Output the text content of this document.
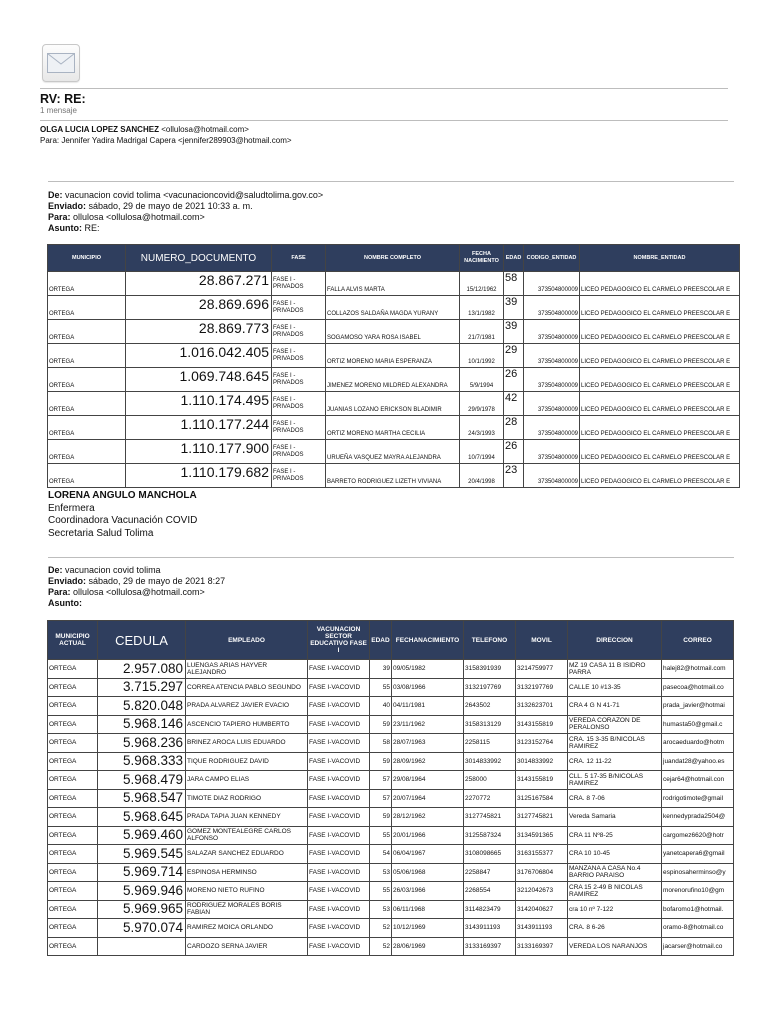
RV: RE:
1 mensaje
OLGA LUCIA LOPEZ SANCHEZ <ollulosa@hotmail.com>
Para: Jennifer Yadira Madrigal Capera <jennifer289903@hotmail.com>
De: vacunacion covid tolima <vacunacioncovid@saludtolima.gov.co>
Enviado: sábado, 29 de mayo de 2021 10:33 a. m.
Para: ollulosa <ollulosa@hotmail.com>
Asunto: RE:
MUNICIPIO	NUMERO_DOCUMENTO	FASE	NOMBRE COMPLETO	FECHA NACIMIENTO	EDAD	CODIGO_ENTIDAD	NOMBRE_ENTIDAD
ORTEGA	28.867.271	FASE I - PRIVADOS	FALLA ALVIS MARTA	15/12/1962	58	373504800009	LICEO PEDAGOGICO EL CARMELO PREESCOLAR E
ORTEGA	28.869.696	FASE I - PRIVADOS	COLLAZOS SALDAÑA MAGDA YURANY	13/1/1982	39	373504800009	LICEO PEDAGOGICO EL CARMELO PREESCOLAR E
ORTEGA	28.869.773	FASE I - PRIVADOS	SOGAMOSO YARA ROSA ISABEL	21/7/1981	39	373504800009	LICEO PEDAGOGICO EL CARMELO PREESCOLAR E
ORTEGA	1.016.042.405	FASE I - PRIVADOS	ORTIZ MORENO MARIA ESPERANZA	10/1/1992	29	373504800009	LICEO PEDAGOGICO EL CARMELO PREESCOLAR E
ORTEGA	1.069.748.645	FASE I - PRIVADOS	JIMENEZ MORENO MILDRED ALEXANDRA	5/9/1994	26	373504800009	LICEO PEDAGOGICO EL CARMELO PREESCOLAR E
ORTEGA	1.110.174.495	FASE I - PRIVADOS	JUANIAS LOZANO ERICKSON BLADIMIR	29/9/1978	42	373504800009	LICEO PEDAGOGICO EL CARMELO PREESCOLAR E
ORTEGA	1.110.177.244	FASE I - PRIVADOS	ORTIZ MORENO MARTHA CECILIA	24/3/1993	28	373504800009	LICEO PEDAGOGICO EL CARMELO PREESCOLAR E
ORTEGA	1.110.177.900	FASE I - PRIVADOS	URUEÑA VASQUEZ MAYRA ALEJANDRA	10/7/1994	26	373504800009	LICEO PEDAGOGICO EL CARMELO PREESCOLAR E
ORTEGA	1.110.179.682	FASE I - PRIVADOS	BARRETO RODRIGUEZ LIZETH VIVIANA	20/4/1998	23	373504800009	LICEO PEDAGOGICO EL CARMELO PREESCOLAR E
LORENA ANGULO MANCHOLA
Enfermera
Coordinadora Vacunación COVID
Secretaria Salud Tolima
De: vacunacion covid tolima
Enviado: sábado, 29 de mayo de 2021 8:27
Para: ollulosa <ollulosa@hotmail.com>
Asunto:
MUNICIPIO ACTUAL	CEDULA	EMPLEADO	VACUNACION SECTOR EDUCATIVO FASE I	EDAD	FECHANACIMIENTO	TELEFONO	MOVIL	DIRECCION	CORREO
ORTEGA	2.957.080	LUENGAS ARIAS HAYVER ALEJANDRO	FASE I-VACOVID	39	09/05/1982	3158391939	3214759977	MZ 19 CASA 11 B ISIDRO PARRA	halej82@hotmail.com
ORTEGA	3.715.297	CORREA ATENCIA PABLO SEGUNDO	FASE I-VACOVID	55	03/08/1966	3132197769	3132197769	CALLE 10 #13-35	pasecoa@hotmail.co
ORTEGA	5.820.048	PRADA ALVAREZ JAVIER EVACIO	FASE I-VACOVID	40	04/11/1981	2643502	3132623701	CRA 4 G N 41-71	prada_javier@hotmai
ORTEGA	5.968.146	ASCENCIO TAPIERO HUMBERTO	FASE I-VACOVID	59	23/11/1962	3158313129	3143155819	VEREDA CORAZON DE PERALONSO	humasta50@gmail.c
ORTEGA	5.968.236	BRINEZ AROCA LUIS EDUARDO	FASE I-VACOVID	58	28/07/1963	2258115	3123152764	CRA. 15 3-35 B/NICOLAS RAMIREZ	arocaeduardo@hotm
ORTEGA	5.968.333	TIQUE RODRIGUEZ DAVID	FASE I-VACOVID	59	28/09/1962	3014833992	3014833992	CRA. 12 11-22	juandat28@yahoo.es
ORTEGA	5.968.479	JARA CAMPO ELIAS	FASE I-VACOVID	57	29/08/1964	258000	3143155819	CLL. 5 17-35 B/NICOLAS RAMIREZ	cejar64@hotmail.con
ORTEGA	5.968.547	TIMOTE DIAZ RODRIGO	FASE I-VACOVID	57	20/07/1964	2270772	3125167584	CRA. 8 7-06	rodrigotimote@gmail
ORTEGA	5.968.645	PRADA TAPIA JUAN KENNEDY	FASE I-VACOVID	59	28/12/1962	3127745821	3127745821	Vereda Samaria	kennedyprada2504@
ORTEGA	5.969.460	GOMEZ MONTEALEGRE CARLOS ALFONSO	FASE I-VACOVID	55	20/01/1966	3125587324	3134591365	CRA 11 Nº8-25	cargomez6620@hotr
ORTEGA	5.969.545	SALAZAR SANCHEZ EDUARDO	FASE I-VACOVID	54	06/04/1967	3108098665	3163155377	CRA 10 10-45	yanetcapera6@gmail
ORTEGA	5.969.714	ESPINOSA HERMINSO	FASE I-VACOVID	53	05/06/1968	2258847	3176706804	MANZANA A CASA No.4 BARRIO PARAISO	espinosaherminso@y
ORTEGA	5.969.946	MORENO NIETO RUFINO	FASE I-VACOVID	55	26/03/1966	2268554	3212042673	CRA 15 2-49 B NICOLAS RAMIREZ	morenorufino10@gm
ORTEGA	5.969.965	RODRIGUEZ MORALES BORIS FABIAN	FASE I-VACOVID	53	06/11/1968	3114823479	3142040627	cra 10 nº 7-122	bofaromo1@hotmail.
ORTEGA	5.970.074	RAMIREZ MOICA ORLANDO	FASE I-VACOVID	52	10/12/1969	3143911193	3143911193	CRA. 8 6-26	oramo-8@hotmail.co
ORTEGA		CARDOZO SERNA JAVIER	FASE I-VACOVID	52	28/06/1969	3133169397	3133169397	VEREDA LOS NARANJOS	jacarser@hotmail.co
